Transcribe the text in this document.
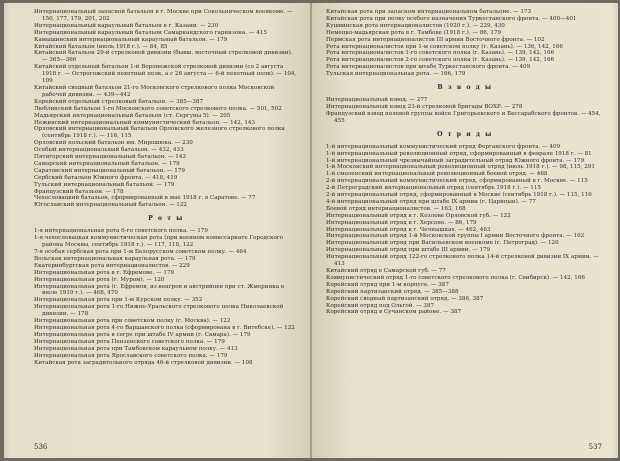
Интернациональный запасной батальон в г. Москве при Сокольническом военкоме. — 150, 177, 179, 201, 202

Интернациональный караульный батальон в г. Казани. — 230

Интернациональный караульный батальон Самаркандского гарнизона. — 415

Камышинский интернациональный караульный батальон. — 179

Китайский батальон (июль 1918 г.). — 84, 85

Китайский батальон 29-й стрелковой дивизии (бывш. восточный стрелковой дивизии). — 365—366

Китайский отдельный батальон 1-й Воронежской стрелковой дивизии (со 2 августа 1918 г. — Острогожский пехотный полк, а с 26 августа — 6-й пехотный полк). — 104, 109

Китайский сводный батальон 21-го Московского стрелкового полка Московской рабочей дивизии. — 439—442

Корейский отдельный стрелковый батальон. — 385—387

Люблинский батальон 1-го Московского советского стрелкового полка. — 501, 502

Мадьярский интернациональный батальон (ст. Сергуны 5). — 205

Нежинский интернациональный коммунистический батальон. — 142, 143

Орловский интернациональный батальон Орловского железного стрелкового полка (сентябрь 1918 г.). — 116, 115

Орловский польский батальон им. Мирошюка. — 230

Особый интернациональный батальон. — 432, 433

Пятигорский интернациональный батальон. — 143

Самарский интернациональный батальон. — 179

Саратовский интернациональный батальон. — 179

Сербский батальон Южного фронта. — 418, 419

Тульский интернациональный батальон. — 179

Французский батальон. — 178

Чехословацкий батальон, сформированный в мае 1918 г. в Саратове. — 77

Югославский интернациональный батальон. — 122

Р о т ы

1-я интернациональная рота 6-го советского полка. — 179

1-я чехословацкая коммунистическая рота (при военном комиссариате Городского района Москвы, сентябрь 1918 г.). — 117, 118, 122

7-я особая сербская рота при 1-м Белорусском советском полку. — 464

Вольская интернациональная караульная рота. — 179

Екатеринбургская рота интернационалистов. — 229

Интернациональная рота в г. Ефремове. — 179

Интернациональная рота (г. Муром). — 120

Интернациональная рота (г. Ефремов, из венгров и австрийцев при ст. Жмеринка в июле 1919 г.). — 468, 470

Интернациональная рота при 1-м Курском полку. — 352

Интернациональная рота 1-го Нижне-Уральского стрелкового полка Николаевской дивизии. — 178

Интернациональная рота при советском полку (г. Москва). — 122

Интернациональная рота 4-го Варшавского полка (сформирована в г. Витебске). — 122

Интернациональная рота в сегре при штабе IV армии (г. Самара). — 179

Интернациональная рота Пензенского советского полка. — 179

Интернациональная рота при Тамбовском караульном полку. — 413

Интернациональная рота Ярославского советского полка. — 179

Китайская рота заградительного отряда 46-й стрелковой дивизии. — 108

536

Китайская рота при запасном интернациональном батальоне. — 173

Китайская рота при полку особого назначения Туркестанского фронта. — 400—401

Кушвинская рота интернационалистов (1920 г.). — 229, 430

Немецко-мадьярская рота в г. Тамбове (1918 г.). — 86, 179

Пермская рота интернационалистов III армии Восточного фронта. — 102

Рота интернационалистов при 1-м советском полку (г. Казань). — 136, 142, 166

Рота интернационалистов 1-го советского полка (г. Казань). — 139, 142, 166

Рота интернационалистов 2-го советского полка (г. Казань). — 139, 142, 166

Рота интернационалистов при штабе Туркестанского фронта. — 409

Тульская интернациональная рота. — 166, 179

В з в о д ы

Интернациональный взвод. — 277

Интернациональный взвод 23-й стрелковой бригады ВОХР. — 278

Французский взвод полевой группы войск Григорьевского и Бессарабского фронтов. — 454, 455

О т р я д ы

1-й интернациональный коммунистический отряд Ферганского фронта. — 409

1-й интернациональный революционный отряд, сформированный в феврале 1918 г. — 81

1-й интернациональный чрезвычайный заградительный отряд Южного фронта. — 179

1-й Московский интернациональный революционный отряд (июль 1918 г.). — 98, 115, 291

1-й смоленский интернациональный революционный боевой отряд. — 468

2-й интернациональный коммунистический отряд, сформированный в г. Москве. — 115

2-й Петроградский интернациональный отряд (сентябрь 1918 г.). — 115

2-й интернациональный отряд, сформированный в Москве (сентябрь 1918 г.). — 115, 116

4-й интернациональный отряд при штабе IX армии (г. Царицын). — 77

Боевой отряд интернационалистов. — 163, 168

Интернациональный отряд в г. Козлове Орловской губ. — 122

Интернациональный отряд в г. Херсоне. — 86, 179

Интернациональный отряд в г. Чечнышках. — 462, 463

Интернациональный отряд 1-й Московской группы I армии Восточного фронта. — 102

Интернациональный отряд при Васильевском военкоме (г. Петроград). — 120

Интернациональный отряд при штабе III армии. — 179

Интернациональный отряд 122-го стрелкового полка 14-й стрелковой дивизии IX армии. — 413

Китайский отряд в Самарской губ. — 77

Коммунистический отряд 1-го советского стрелкового полка (г. Свибирск). — 142, 166

Корейский отряд при 1-м корпусе. — 387

Корейский партизанский отряд. — 385—388

Корейский сводный партизанский отряд. — 386, 387

Корейский отряд под Ольгой. — 387

Корейский отряд в Сучанском районе. — 387

537
